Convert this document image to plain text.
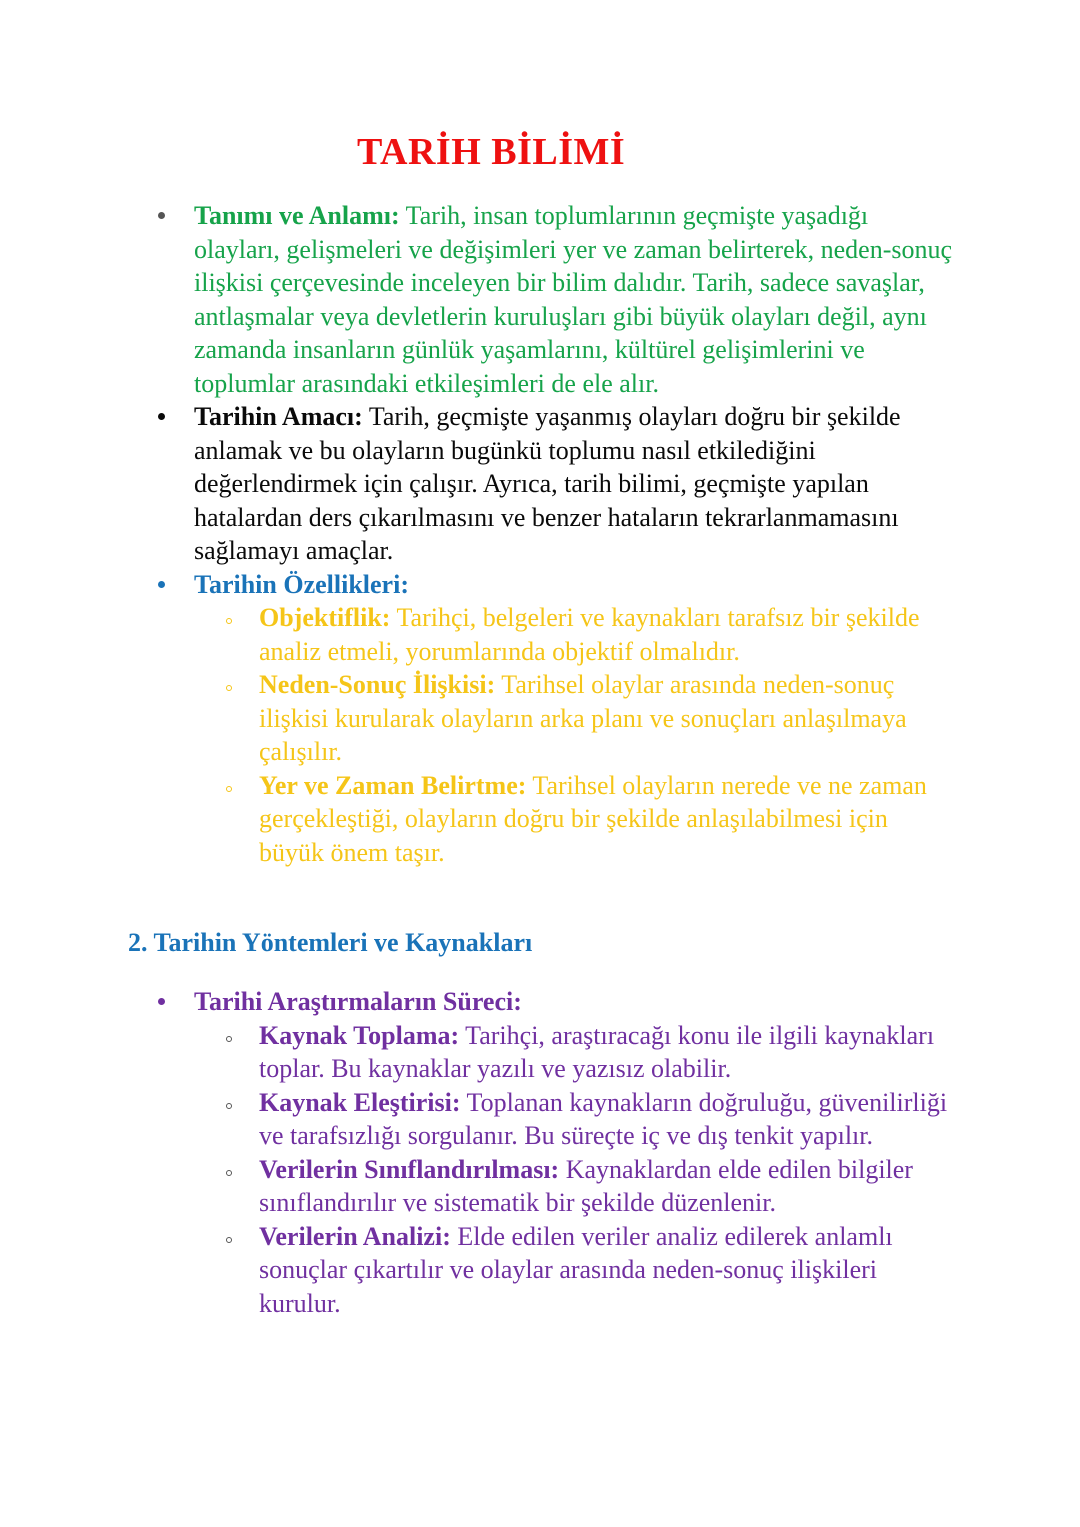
TARİH BİLİMİ
Tanımı ve Anlamı: Tarih, insan toplumlarının geçmişte yaşadığı olayları, gelişmeleri ve değişimleri yer ve zaman belirterek, neden-sonuç ilişkisi çerçevesinde inceleyen bir bilim dalıdır. Tarih, sadece savaşlar, antlaşmalar veya devletlerin kuruluşları gibi büyük olayları değil, aynı zamanda insanların günlük yaşamlarını, kültürel gelişimlerini ve toplumlar arasındaki etkileşimleri de ele alır.
Tarihin Amacı: Tarih, geçmişte yaşanmış olayları doğru bir şekilde anlamak ve bu olayların bugünkü toplumu nasıl etkilediğini değerlendirmek için çalışır. Ayrıca, tarih bilimi, geçmişte yapılan hatalardan ders çıkarılmasını ve benzer hataların tekrarlanmamasını sağlamayı amaçlar.
Tarihin Özellikleri:
Objektiflik: Tarihçi, belgeleri ve kaynakları tarafsız bir şekilde analiz etmeli, yorumlarında objektif olmalıdır.
Neden-Sonuç İlişkisi: Tarihsel olaylar arasında neden-sonuç ilişkisi kurularak olayların arka planı ve sonuçları anlaşılmaya çalışılır.
Yer ve Zaman Belirtme: Tarihsel olayların nerede ve ne zaman gerçekleştiği, olayların doğru bir şekilde anlaşılabilmesi için büyük önem taşır.
2. Tarihin Yöntemleri ve Kaynakları
Tarihi Araştırmaların Süreci:
Kaynak Toplama: Tarihçi, araştıracağı konu ile ilgili kaynakları toplar. Bu kaynaklar yazılı ve yazısız olabilir.
Kaynak Eleştirisi: Toplanan kaynakların doğruluğu, güvenilirliği ve tarafsızlığı sorgulanır. Bu süreçte iç ve dış tenkit yapılır.
Verilerin Sınıflandırılması: Kaynaklardan elde edilen bilgiler sınıflandırılır ve sistematik bir şekilde düzenlenir.
Verilerin Analizi: Elde edilen veriler analiz edilerek anlamlı sonuçlar çıkartılır ve olaylar arasında neden-sonuç ilişkileri kurulur.
